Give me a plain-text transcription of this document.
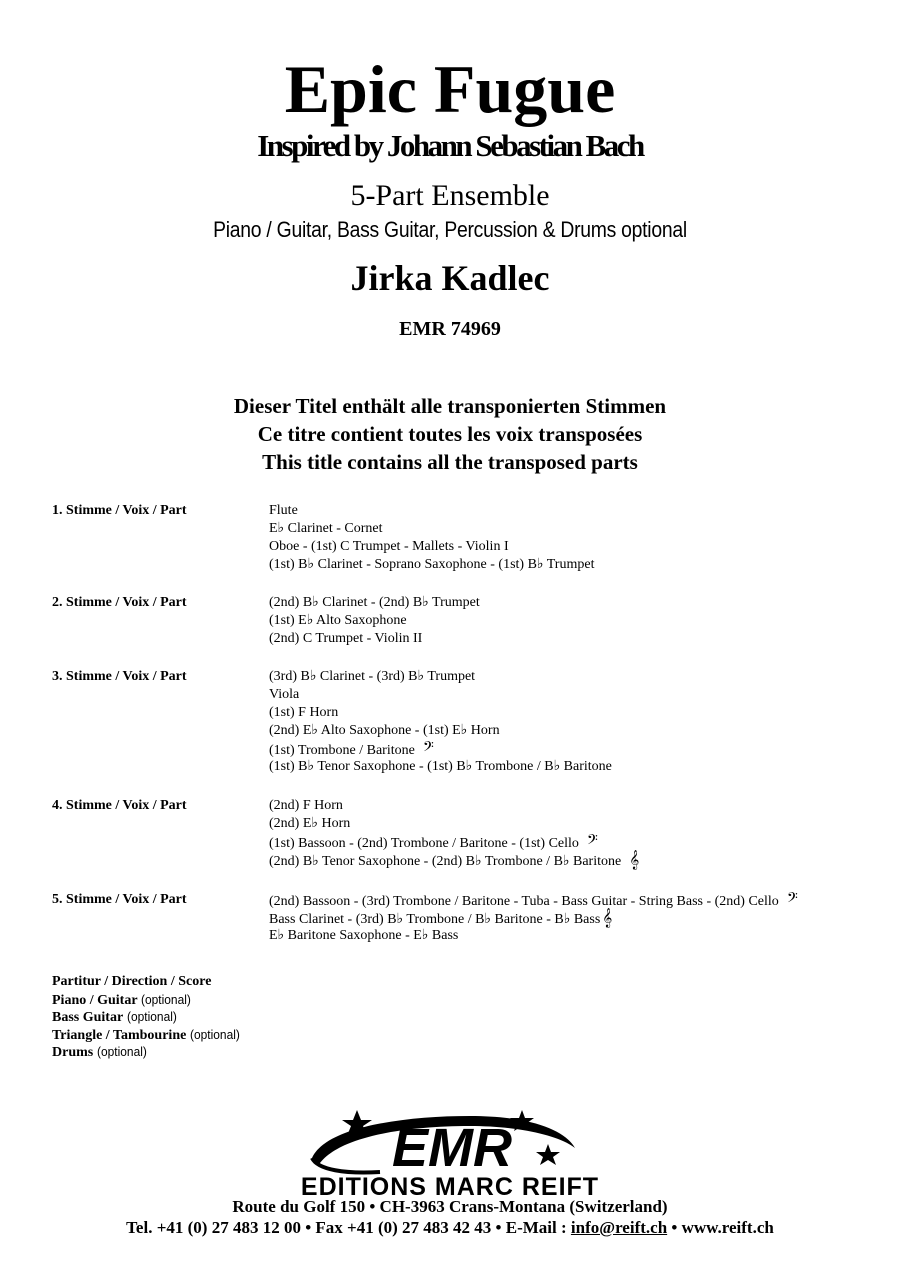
Epic Fugue
Inspired by Johann Sebastian Bach
5-Part Ensemble
Piano / Guitar, Bass Guitar, Percussion & Drums optional
Jirka Kadlec
EMR 74969
Dieser Titel enthält alle transponierten Stimmen
Ce titre contient toutes les voix transposées
This title contains all the transposed parts
1. Stimme / Voix / Part	Flute
E♭ Clarinet - Cornet
Oboe - (1st) C Trumpet - Mallets - Violin I
(1st) B♭ Clarinet - Soprano Saxophone - (1st) B♭ Trumpet
2. Stimme / Voix / Part	(2nd) B♭ Clarinet - (2nd) B♭ Trumpet
(1st) E♭ Alto Saxophone
(2nd) C Trumpet - Violin II
3. Stimme / Voix / Part	(3rd) B♭ Clarinet - (3rd) B♭ Trumpet
Viola
(1st) F Horn
(2nd) E♭ Alto Saxophone - (1st) E♭ Horn
(1st) Trombone / Baritone 𝄢
(1st) B♭ Tenor Saxophone - (1st) B♭ Trombone / B♭ Baritone
4. Stimme / Voix / Part	(2nd) F Horn
(2nd) E♭ Horn
(1st) Bassoon - (2nd) Trombone / Baritone - (1st) Cello 𝄢
(2nd) B♭ Tenor Saxophone - (2nd) B♭ Trombone / B♭ Baritone 𝄞
5. Stimme / Voix / Part	(2nd) Bassoon - (3rd) Trombone / Baritone - Tuba - Bass Guitar - String Bass - (2nd) Cello 𝄢
Bass Clarinet - (3rd) B♭ Trombone / B♭ Baritone - B♭ Bass 𝄞
E♭ Baritone Saxophone - E♭ Bass
Partitur / Direction / Score
Piano / Guitar (optional)
Bass Guitar (optional)
Triangle / Tambourine (optional)
Drums (optional)
EMR
EDITIONS MARC REIFT
Route du Golf 150 • CH-3963 Crans-Montana (Switzerland)
Tel. +41 (0) 27 483 12 00 • Fax +41 (0) 27 483 42 43 • E-Mail : info@reift.ch • www.reift.ch
